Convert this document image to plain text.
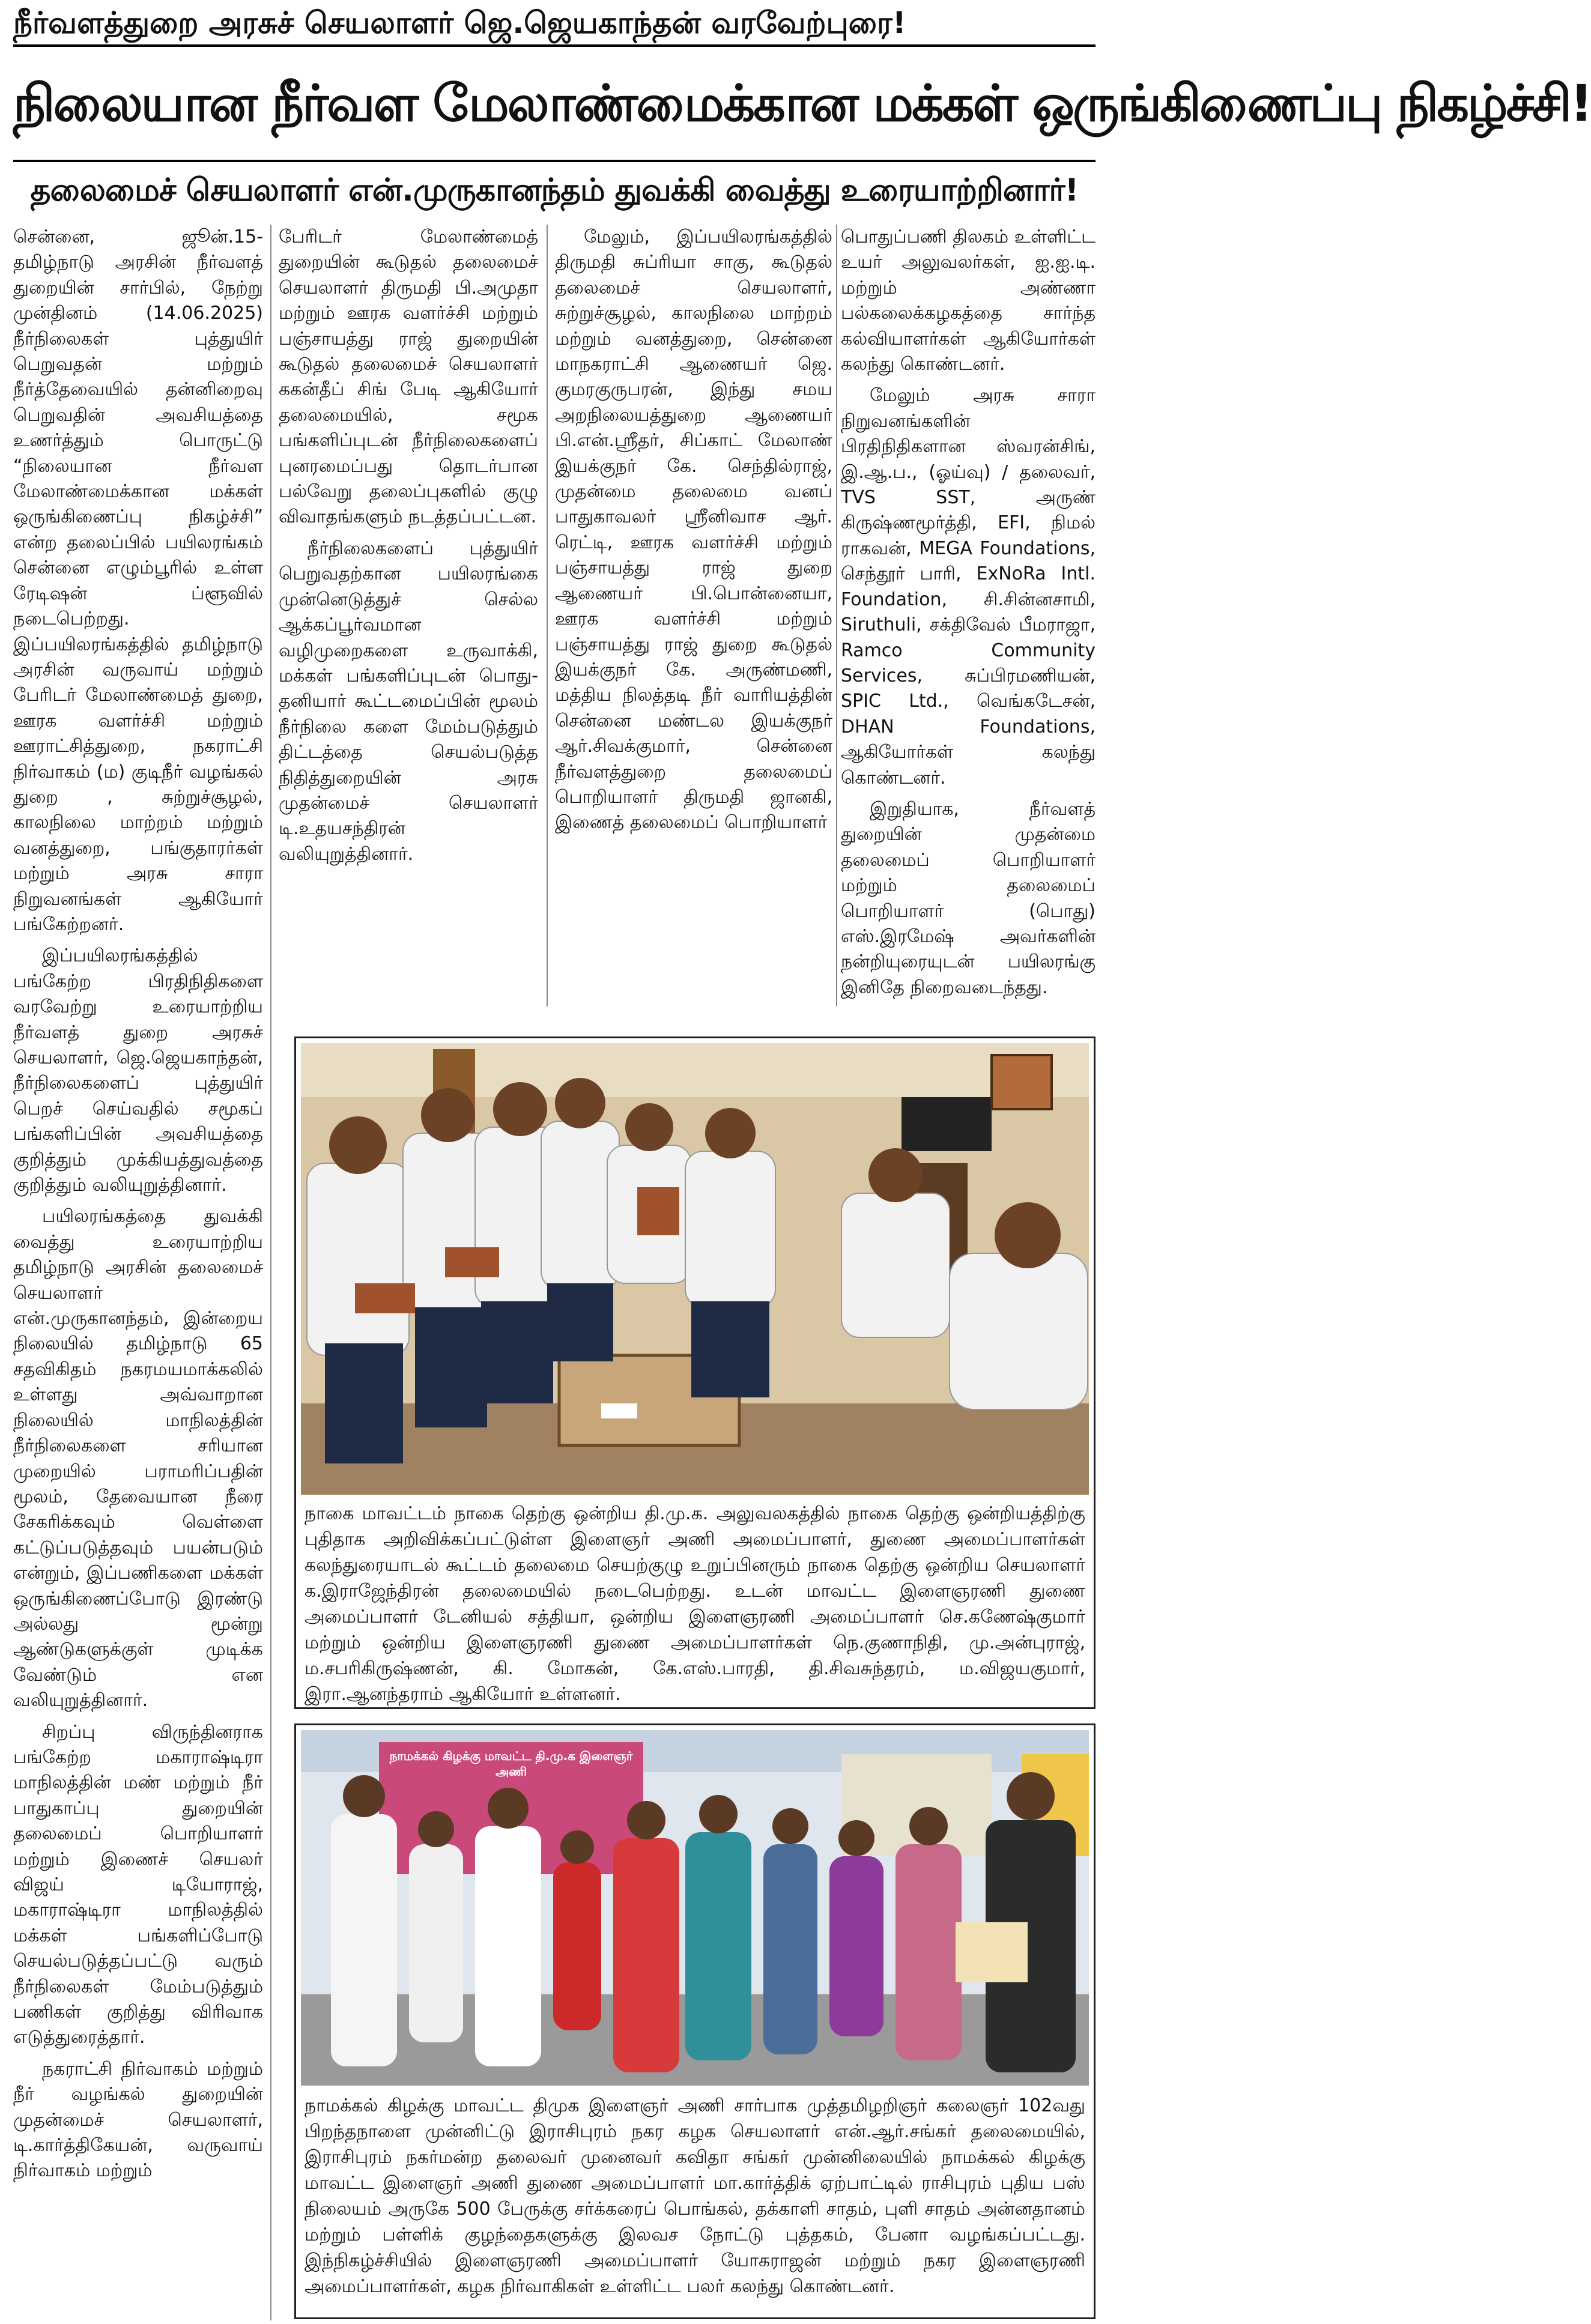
நீர்வளத்துறை அரசுச் செயலாளர் ஜெ.ஜெயகாந்தன் வரவேற்புரை!
நிலையான நீர்வள மேலாண்மைக்கான மக்கள் ஒருங்கிணைப்பு நிகழ்ச்சி!
தலைமைச் செயலாளர் என்.முருகானந்தம் துவக்கி வைத்து உரையாற்றினார்!

சென்னை, ஜூன்.15- தமிழ்நாடு அரசின் நீர்வளத் துறையின் சார்பில், நேற்று முன்தினம் (14.06.2025) நீர்நிலைகள் புத்துயிர் பெறுவதன் மற்றும் நீர்த்தேவையில் தன்னிறைவு பெறுவதின் அவசியத்தை உணர்த்தும் பொருட்டு “நிலையான நீர்வள மேலாண்மைக்கான மக்கள் ஒருங்கிணைப்பு நிகழ்ச்சி” என்ற தலைப்பில் பயிலரங்கம் சென்னை எழும்பூரில் உள்ள ரேடிஷன் ப்ளூவில் நடைபெற்றது. இப்பயிலரங்கத்தில் தமிழ்நாடு அரசின் வருவாய் மற்றும் பேரிடர் மேலாண்மைத் துறை, ஊரக வளர்ச்சி மற்றும் ஊராட்சித்துறை, நகராட்சி நிர்வாகம் (ம) குடிநீர் வழங்கல் துறை , சுற்றுச்சூழல், காலநிலை மாற்றம் மற்றும் வனத்துறை, பங்குதாரர்கள் மற்றும் அரசு சாரா நிறுவனங்கள் ஆகியோர் பங்கேற்றனர்.

இப்பயிலரங்கத்தில் பங்கேற்ற பிரதிநிதிகளை வரவேற்று உரையாற்றிய நீர்வளத் துறை அரசுச் செயலாளர், ஜெ.ஜெயகாந்தன், நீர்நிலைகளைப் புத்துயிர் பெறச் செய்வதில் சமூகப் பங்களிப்பின் அவசியத்தை குறித்தும் முக்கியத்துவத்தை குறித்தும் வலியுறுத்தினார்.

பயிலரங்கத்தை துவக்கி வைத்து உரையாற்றிய தமிழ்நாடு அரசின் தலைமைச் செயலாளர் என்.முருகானந்தம், இன்றைய நிலையில் தமிழ்நாடு 65 சதவிகிதம் நகரமயமாக்கலில் உள்ளது அவ்வாறான நிலையில் மாநிலத்தின் நீர்நிலைகளை சரியான முறையில் பராமரிப்பதின் மூலம், தேவையான நீரை சேகரிக்கவும் வெள்ளை கட்டுப்படுத்தவும் பயன்படும் என்றும், இப்பணிகளை மக்கள் ஒருங்கிணைப்போடு இரண்டு அல்லது மூன்று ஆண்டுகளுக்குள் முடிக்க வேண்டும் என வலியுறுத்தினார்.

சிறப்பு விருந்தினராக பங்கேற்ற மகாராஷ்டிரா மாநிலத்தின் மண் மற்றும் நீர் பாதுகாப்பு துறையின் தலைமைப் பொறியாளர் மற்றும் இணைச் செயலர் விஜய் டியோராஜ், மகாராஷ்டிரா மாநிலத்தில் மக்கள் பங்களிப்போடு செயல்படுத்தப்பட்டு வரும் நீர்நிலைகள் மேம்படுத்தும் பணிகள் குறித்து விரிவாக எடுத்துரைத்தார்.

நகராட்சி நிர்வாகம் மற்றும் நீர் வழங்கல் துறையின் முதன்மைச் செயலாளர், டி.கார்த்திகேயன், வருவாய் நிர்வாகம் மற்றும்

பேரிடர் மேலாண்மைத் துறையின் கூடுதல் தலைமைச் செயலாளர் திருமதி பி.அமுதா மற்றும் ஊரக வளர்ச்சி மற்றும் பஞ்சாயத்து ராஜ் துறையின் கூடுதல் தலைமைச் செயலாளர் ககன்தீப் சிங் பேடி ஆகியோர் தலைமையில், சமூக பங்களிப்புடன் நீர்நிலைகளைப் புனரமைப்பது தொடர்பான பல்வேறு தலைப்புகளில் குழு விவாதங்களும் நடத்தப்பட்டன.

நீர்நிலைகளைப் புத்துயிர் பெறுவதற்கான பயிலரங்கை முன்னெடுத்துச் செல்ல ஆக்கப்பூர்வமான வழிமுறைகளை உருவாக்கி, மக்கள் பங்களிப்புடன் பொது-தனியார் கூட்டமைப்பின் மூலம் நீர்நிலை களை மேம்படுத்தும் திட்டத்தை செயல்படுத்த நிதித்துறையின் அரசு முதன்மைச் செயலாளர் டி.உதயசந்திரன் வலியுறுத்தினார்.

மேலும், இப்பயிலரங்கத்தில் திருமதி சுப்ரியா சாகு, கூடுதல் தலைமைச் செயலாளர், சுற்றுச்சூழல், காலநிலை மாற்றம் மற்றும் வனத்துறை, சென்னை மாநகராட்சி ஆணையர் ஜெ. குமரகுருபரன், இந்து சமய அறநிலையத்துறை ஆணையர் பி.என்.ஸ்ரீதர், சிப்காட் மேலாண் இயக்குநர் கே. செந்தில்ராஜ், முதன்மை தலைமை வனப் பாதுகாவலர் ஸ்ரீனிவாச ஆர். ரெட்டி, ஊரக வளர்ச்சி மற்றும் பஞ்சாயத்து ராஜ் துறை ஆணையர் பி.பொன்னையா, ஊரக வளர்ச்சி மற்றும் பஞ்சாயத்து ராஜ் துறை கூடுதல் இயக்குநர் கே. அருண்மணி, மத்திய நிலத்தடி நீர் வாரியத்தின் சென்னை மண்டல இயக்குநர் ஆர்.சிவக்குமார், சென்னை நீர்வளத்துறை தலைமைப் பொறியாளர் திருமதி ஜானகி, இணைத் தலைமைப் பொறியாளர்

பொதுப்பணி திலகம் உள்ளிட்ட உயர் அலுவலர்கள், ஐ.ஐ.டி. மற்றும் அண்ணா பல்கலைக்கழகத்தை சார்ந்த கல்வியாளர்கள் ஆகியோர்கள் கலந்து கொண்டனர்.

மேலும் அரசு சாரா நிறுவனங்களின் பிரதிநிதிகளான ஸ்வரன்சிங், இ.ஆ.ப., (ஓய்வு) / தலைவர், TVS SST, அருண் கிருஷ்ணமூர்த்தி, EFI, நிமல் ராகவன், MEGA Foundations, செந்தூர் பாரி, ExNoRa Intl. Foundation, சி.சின்னசாமி, Siruthuli, சக்திவேல் பீமராஜா, Ramco Community Services, சுப்பிரமணியன், SPIC Ltd., வெங்கடேசன், DHAN Foundations, ஆகியோர்கள் கலந்து கொண்டனர்.

இறுதியாக, நீர்வளத் துறையின் முதன்மை தலைமைப் பொறியாளர் மற்றும் தலைமைப் பொறியாளர் (பொது) எஸ்.இரமேஷ் அவர்களின் நன்றியுரையுடன் பயிலரங்கு இனிதே நிறைவடைந்தது.

நாகை மாவட்டம் நாகை தெற்கு ஒன்றிய தி.மு.க. அலுவலகத்தில் நாகை தெற்கு ஒன்றியத்திற்கு புதிதாக அறிவிக்கப்பட்டுள்ள இளைஞர் அணி அமைப்பாளர், துணை அமைப்பாளர்கள் கலந்துரையாடல் கூட்டம் தலைமை செயற்குழு உறுப்பினரும் நாகை தெற்கு ஒன்றிய செயலாளர் க.இராஜேந்திரன் தலைமையில் நடைபெற்றது. உடன் மாவட்ட இளைஞரணி துணை அமைப்பாளர் டேனியல் சத்தியா, ஒன்றிய இளைஞரணி அமைப்பாளர் செ.கணேஷ்குமார் மற்றும் ஒன்றிய இளைஞரணி துணை அமைப்பாளர்கள் நெ.குணாநிதி, மு.அன்புராஜ், ம.சபரிகிருஷ்ணன், கி. மோகன், கே.எஸ்.பாரதி, தி.சிவசுந்தரம், ம.விஜயகுமார், இரா.ஆனந்தராம் ஆகியோர் உள்ளனர்.
நாமக்கல் கிழக்கு மாவட்ட தி.மு.க இளைஞர் அணி
நாமக்கல் கிழக்கு மாவட்ட திமுக இளைஞர் அணி சார்பாக முத்தமிழறிஞர் கலைஞர் 102வது பிறந்தநாளை முன்னிட்டு இராசிபுரம் நகர கழக செயலாளர் என்.ஆர்.சங்கர் தலைமையில், இராசிபுரம் நகர்மன்ற தலைவர் முனைவர் கவிதா சங்கர் முன்னிலையில் நாமக்கல் கிழக்கு மாவட்ட இளைஞர் அணி துணை அமைப்பாளர் மா.கார்த்திக் ஏற்பாட்டில் ராசிபுரம் புதிய பஸ் நிலையம் அருகே 500 பேருக்கு சர்க்கரைப் பொங்கல், தக்காளி சாதம், புளி சாதம் அன்னதானம் மற்றும் பள்ளிக் குழந்தைகளுக்கு இலவச நோட்டு புத்தகம், பேனா வழங்கப்பட்டது. இந்நிகழ்ச்சியில் இளைஞரணி அமைப்பாளர் யோகராஜன் மற்றும் நகர இளைஞரணி அமைப்பாளர்கள், கழக நிர்வாகிகள் உள்ளிட்ட பலர் கலந்து கொண்டனர்.
